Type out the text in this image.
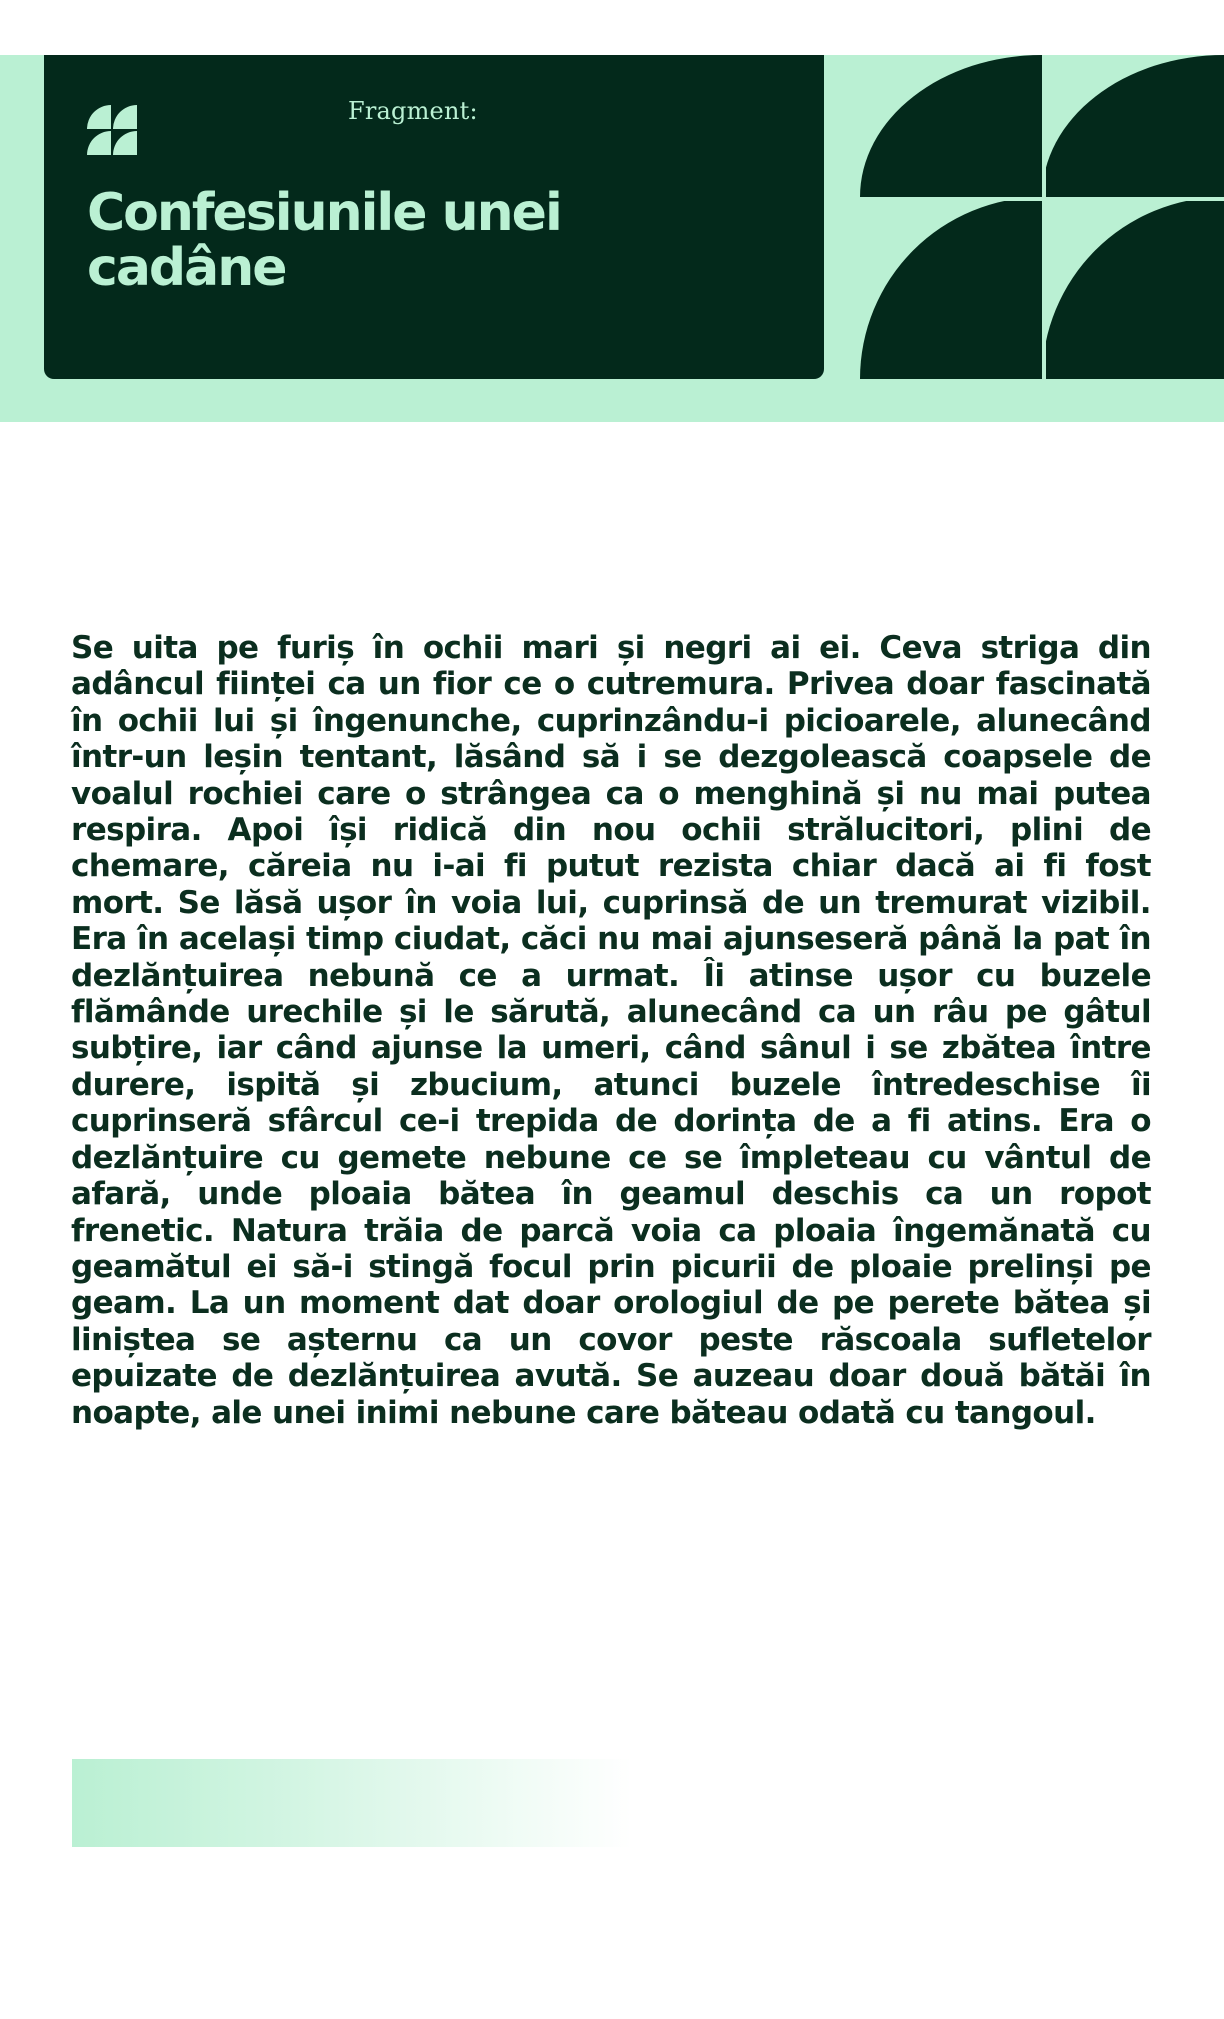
Fragment:
Confesiunile unei cadâne

Se uita pe furiș în ochii mari și negri ai ei. Ceva striga din adâncul ființei ca un fior ce o cutremura. Privea doar fascinată în ochii lui și îngenunche, cuprinzându-i picioarele, alunecând într-un leșin tentant, lăsând să i se dezgolească coapsele de voalul rochiei care o strângea ca o menghină și nu mai putea respira. Apoi își ridică din nou ochii strălucitori, plini de chemare, căreia nu i-ai fi putut rezista chiar dacă ai fi fost mort. Se lăsă ușor în voia lui, cuprinsă de un tremurat vizibil. Era în același timp ciudat, căci nu mai ajunseseră până la pat în dezlănțuirea nebună ce a urmat. Îi atinse ușor cu buzele flămânde urechile și le sărută, alunecând ca un râu pe gâtul subțire, iar când ajunse la umeri, când sânul i se zbătea între durere, ispită și zbucium, atunci buzele întredeschise îi cuprinseră sfârcul ce-i trepida de dorința de a fi atins. Era o dezlănțuire cu gemete nebune ce se împleteau cu vântul de afară, unde ploaia bătea în geamul deschis ca un ropot frenetic. Natura trăia de parcă voia ca ploaia îngemănată cu geamătul ei să-i stingă focul prin picurii de ploaie prelinși pe geam. La un moment dat doar orologiul de pe perete bătea și liniștea se așternu ca un covor peste răscoala sufletelor epuizate de dezlănțuirea avută. Se auzeau doar două bătăi în noapte, ale unei inimi nebune care băteau odată cu tangoul.
